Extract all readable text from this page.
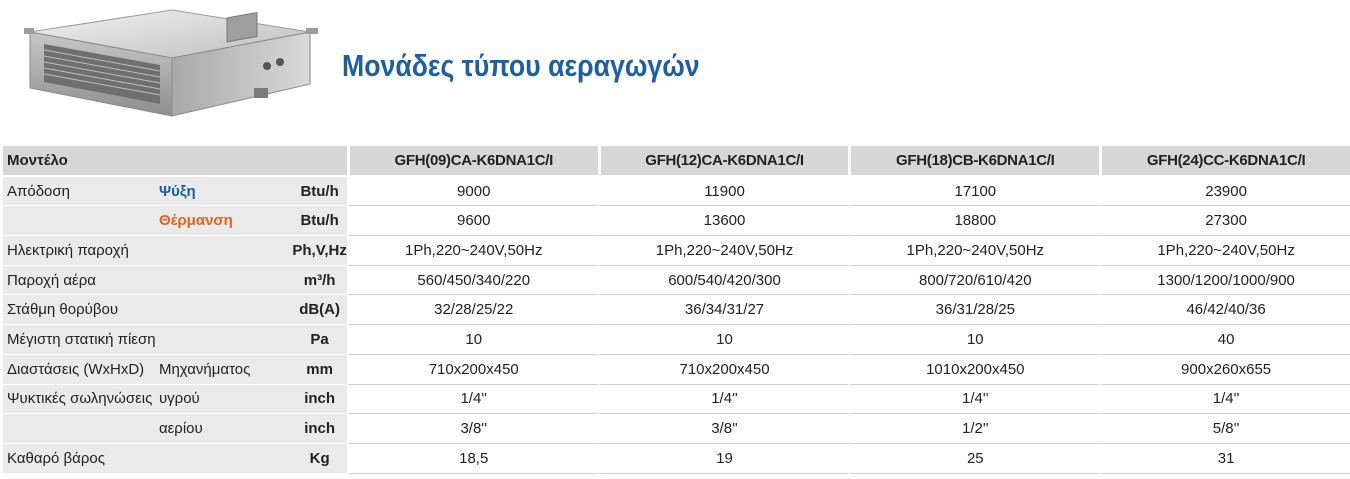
Μονάδες τύπου αεραγωγών
Μοντέλο			GFH(09)CA-K6DNA1C/I	GFH(12)CA-K6DNA1C/I	GFH(18)CB-K6DNA1C/I	GFH(24)CC-K6DNA1C/I
Απόδοση	Ψύξη	Btu/h	9000	11900	17100	23900
	Θέρμανση	Btu/h	9600	13600	18800	27300
Ηλεκτρική παροχή		Ph,V,Hz	1Ph,220~240V,50Hz	1Ph,220~240V,50Hz	1Ph,220~240V,50Hz	1Ph,220~240V,50Hz
Παροχή αέρα		m³/h	560/450/340/220	600/540/420/300	800/720/610/420	1300/1200/1000/900
Στάθμη θορύβου		dB(A)	32/28/25/22	36/34/31/27	36/31/28/25	46/42/40/36
Μέγιστη στατική πίεση		Pa	10	10	10	40
Διαστάσεις (WxHxD)	Μηχανήματος	mm	710x200x450	710x200x450	1010x200x450	900x260x655
Ψυκτικές σωληνώσεις	υγρού	inch	1/4''	1/4''	1/4''	1/4''
	αερίου	inch	3/8''	3/8''	1/2''	5/8''
Καθαρό βάρος		Kg	18,5	19	25	31
